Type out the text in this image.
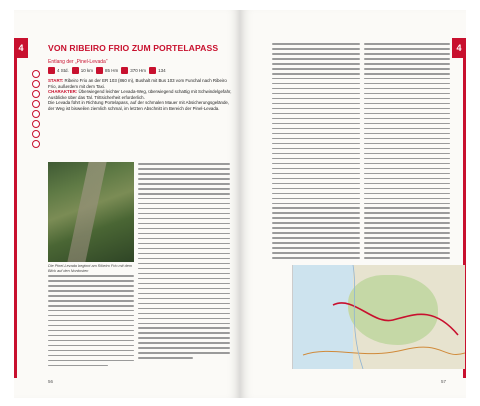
4	VON RIBEIRO FRIO ZUM PORTELAPASS
Entlang der „Pinel-Levada“
4 Std.	10 km	85 Hm	370 Hm	134
START: Ribeiro Frio an der ER 103 (860 m), Bushalt mit Bus 103 vom Funchal nach Ribeiro Frio, außerdem mit dem Taxi.
CHARAKTER: Überwiegend leichter Levada-Weg, überwiegend schattig mit Schwindelgefahr, Ausblicke über das Tal. Trittsicherheit erforderlich.
Die Levada führt in Richtung Portelapass, auf der schmalen Mauer mit Absicherungsgelände, der Weg ist bisweilen ziemlich schmal, im letzten Abschnitt im Bereich der Pinel-Levada.
Die Pinel-Levada beginnt am Ribeiro Frio mit dem Blick auf den Nordosten
56
4
57
